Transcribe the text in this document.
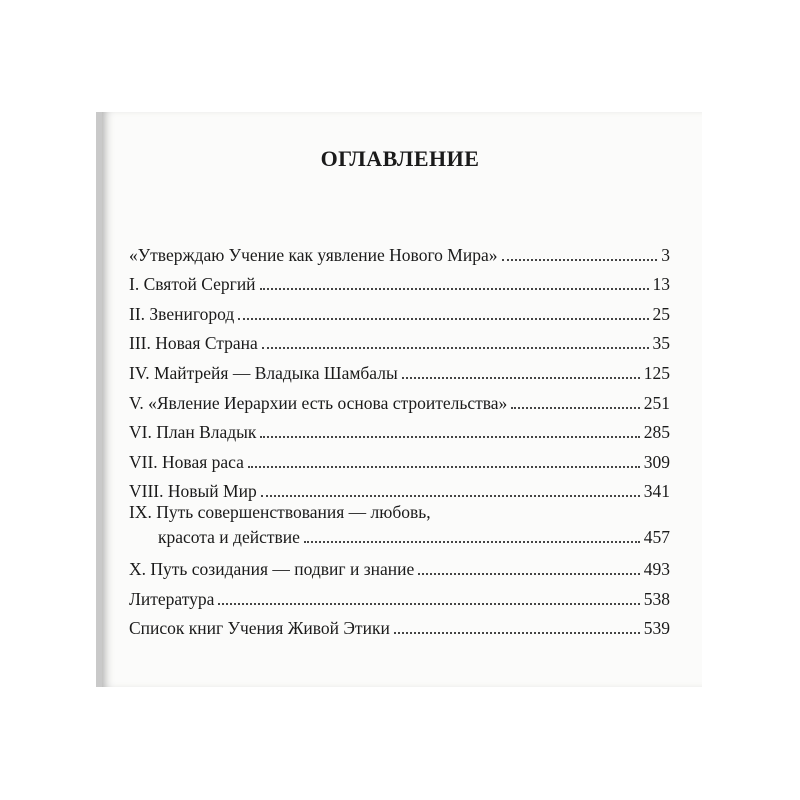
ОГЛАВЛЕНИЕ
«Утверждаю Учение как уявление Нового Мира»	3
I. Святой Сергий	13
II. Звенигород	25
III. Новая Страна	35
IV. Майтрейя — Владыка Шамбалы	125
V. «Явление Иерархии есть основа строительства»	251
VI. План Владык	285
VII. Новая раса	309
VIII. Новый Мир	341
IX. Путь совершенствования — любовь,
красота и действие	457
X. Путь созидания — подвиг и знание	493
Литература	538
Список книг Учения Живой Этики	539
